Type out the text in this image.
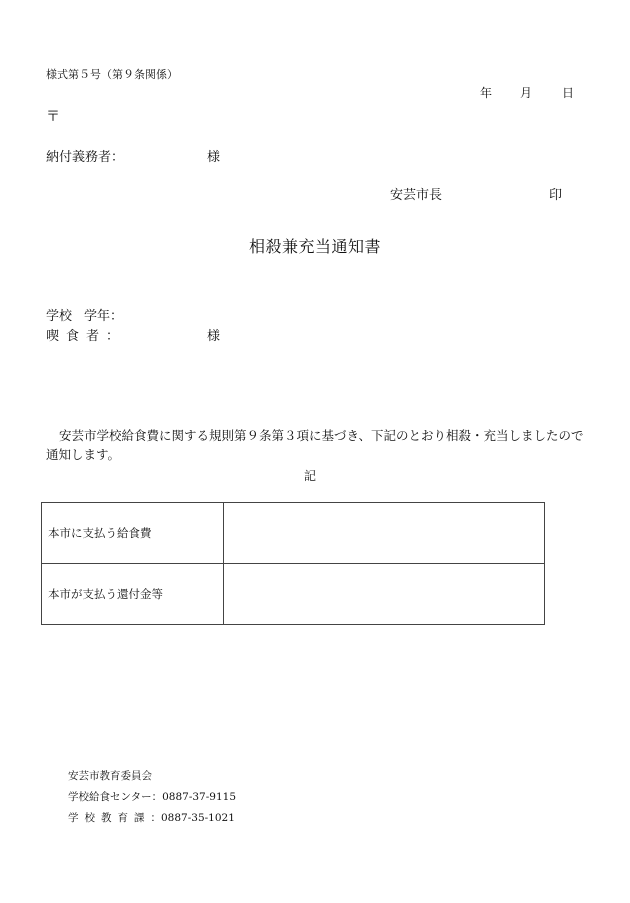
様式第５号（第９条関係）
年 月 日
〒
納付義務者：	様
安芸市長	印
相殺兼充当通知書
学校 学年：
喫食者：	様
安芸市学校給食費に関する規則第９条第３項に基づき、下記のとおり相殺・充当しましたので通知します。
記
本市に支払う給食費	
本市が支払う還付金等	
安芸市教育委員会
学校給食センター：0887-37-9115
学校教育課：0887-35-1021
